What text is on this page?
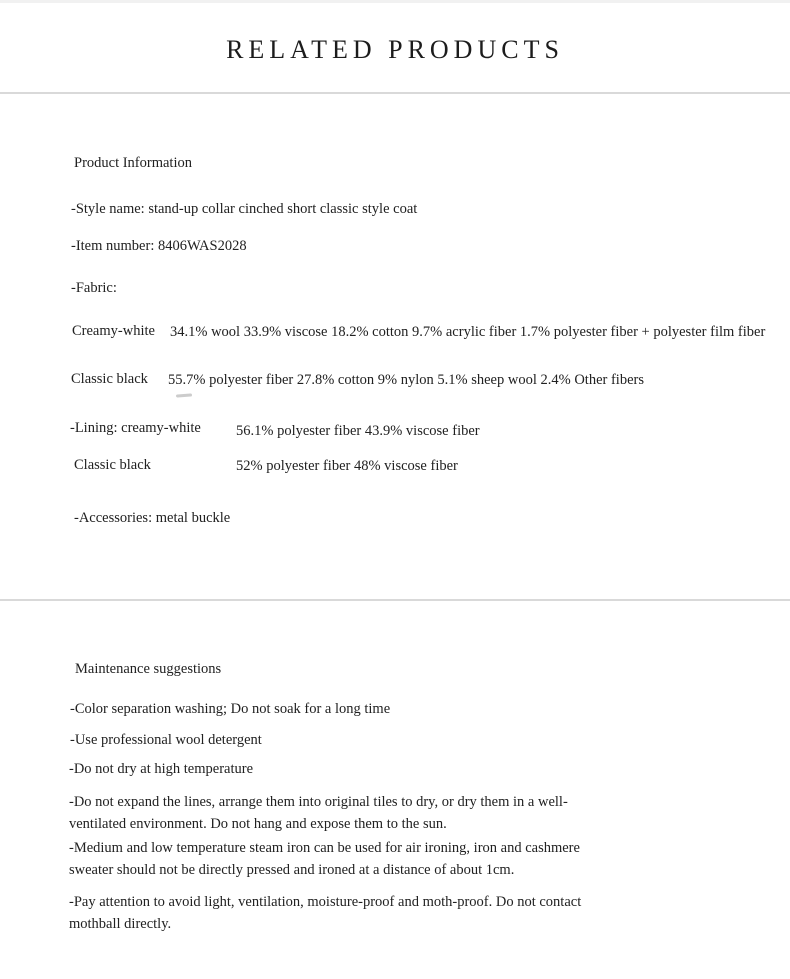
RELATED PRODUCTS
Product Information
-Style name: stand-up collar cinched short classic style coat
-Item number: 8406WAS2028
-Fabric:
Creamy-white 34.1% wool 33.9% viscose 18.2% cotton 9.7% acrylic fiber 1.7% polyester fiber + polyester film fiber
Classic black 55.7% polyester fiber 27.8% cotton 9% nylon 5.1% sheep wool 2.4% Other fibers
-Lining: creamy-white 56.1% polyester fiber 43.9% viscose fiber
Classic black	52% polyester fiber 48% viscose fiber
-Accessories: metal buckle
Maintenance suggestions
-Color separation washing; Do not soak for a long time
-Use professional wool detergent
-Do not dry at high temperature
-Do not expand the lines, arrange them into original tiles to dry, or dry them in a well-ventilated environment. Do not hang and expose them to the sun.
-Medium and low temperature steam iron can be used for air ironing, iron and cashmere sweater should not be directly pressed and ironed at a distance of about 1cm.
-Pay attention to avoid light, ventilation, moisture-proof and moth-proof. Do not contact mothball directly.
